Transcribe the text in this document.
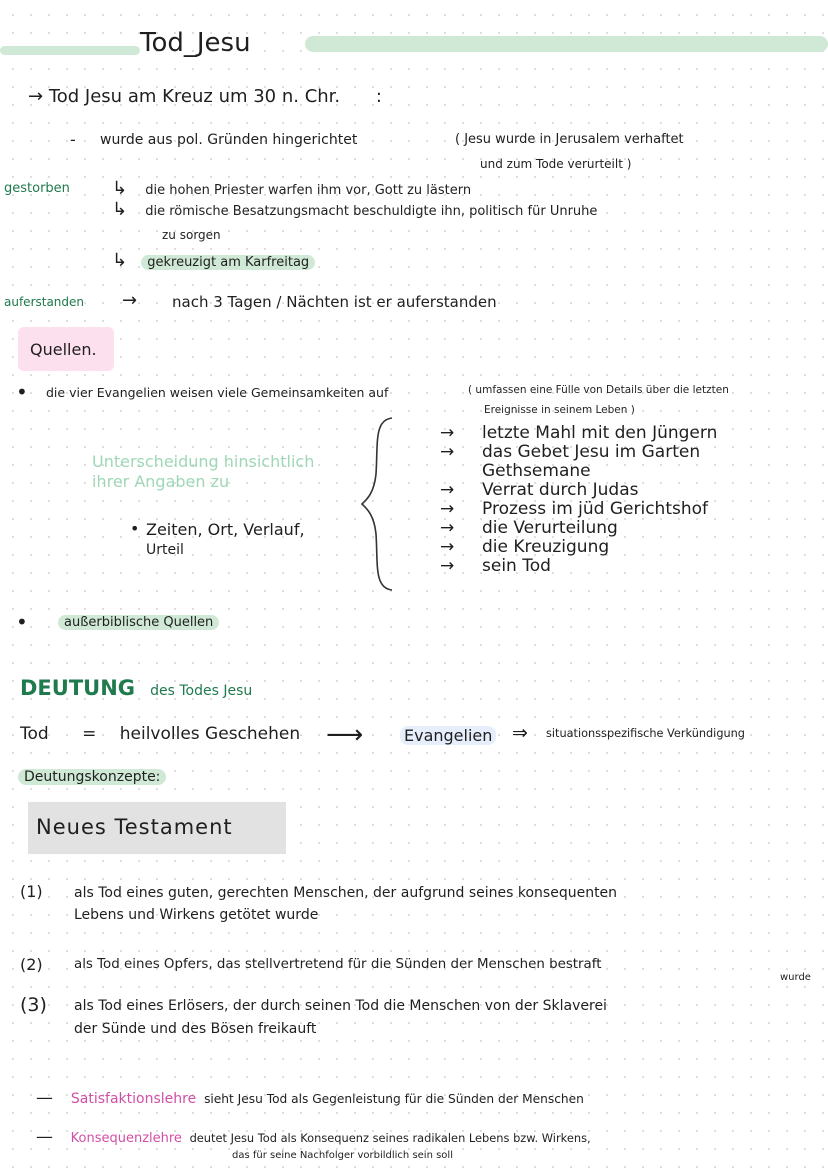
Tod_Jesu
→ Tod Jesu am Kreuz um 30 n. Chr. :
- wurde aus pol. Gründen hingerichtet	( Jesu wurde in Jerusalem verhaftet
und zum Tode verurteilt )
gestorben ↳ die hohen Priester warfen ihm vor, Gott zu lästern
↳ die römische Besatzungsmacht beschuldigte ihn, politisch für Unruhe
zu sorgen
↳ gekreuzigt am Karfreitag
auferstanden → nach 3 Tagen / Nächten ist er auferstanden
Quellen.
• die vier Evangelien weisen viele Gemeinsamkeiten auf	( umfassen eine Fülle von Details über die letzten
Ereignisse in seinem Leben )
Unterscheidung hinsichtlich
ihrer Angaben zu
• Zeiten, Ort, Verlauf,
Urteil
→ letzte Mahl mit den Jüngern
→ das Gebet Jesu im Garten
Gethsemane
→ Verrat durch Judas
→ Prozess im jüd Gerichtshof
→ die Verurteilung
→ die Kreuzigung
→ sein Tod
•	außerbiblische Quellen
DEUTUNG des Todes Jesu
Tod = heilvolles Geschehen ⟶	Evangelien ⇒ situationsspezifische Verkündigung
Deutungskonzepte:
Neues Testament
(1) als Tod eines guten, gerechten Menschen, der aufgrund seines konsequenten
Lebens und Wirkens getötet wurde
(2) als Tod eines Opfers, das stellvertretend für die Sünden der Menschen bestraft
wurde
(3) als Tod eines Erlösers, der durch seinen Tod die Menschen von der Sklaverei
der Sünde und des Bösen freikauft
— Satisfaktionslehre sieht Jesu Tod als Gegenleistung für die Sünden der Menschen
— Konsequenzlehre deutet Jesu Tod als Konsequenz seines radikalen Lebens bzw. Wirkens,
das für seine Nachfolger vorbildlich sein soll
